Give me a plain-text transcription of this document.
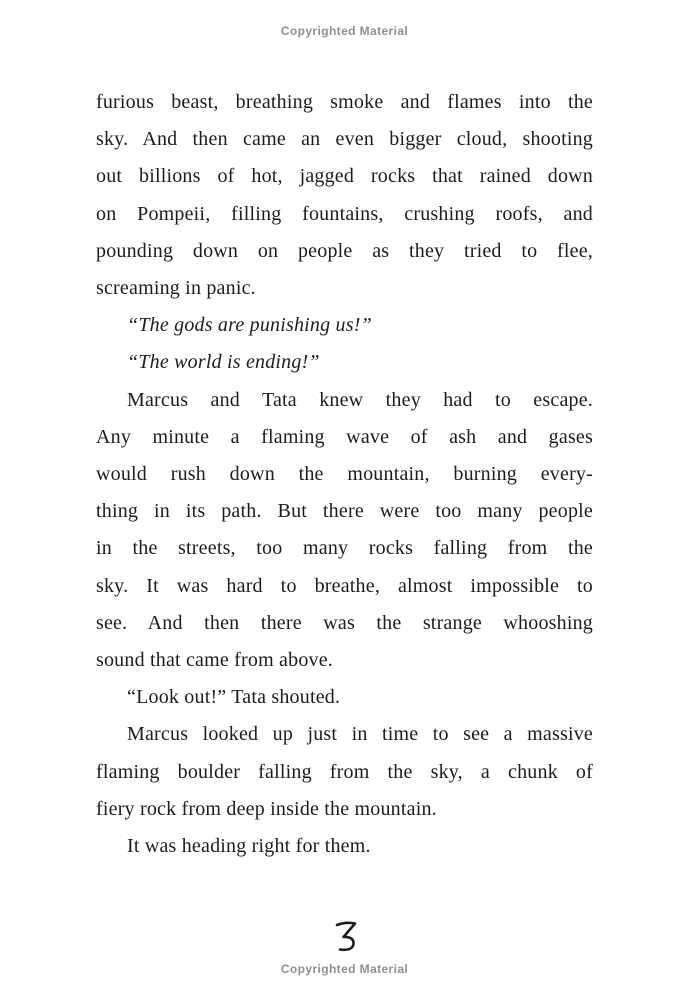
Copyrighted Material
furious beast, breathing smoke and flames into the
sky. And then came an even bigger cloud, shooting
out billions of hot, jagged rocks that rained down
on Pompeii, filling fountains, crushing roofs, and
pounding down on people as they tried to flee,
screaming in panic.
“The gods are punishing us!”
“The world is ending!”
Marcus and Tata knew they had to escape.
Any minute a flaming wave of ash and gases
would rush down the mountain, burning every-
thing in its path. But there were too many people
in the streets, too many rocks falling from the
sky. It was hard to breathe, almost impossible to
see. And then there was the strange whooshing
sound that came from above.
“Look out!” Tata shouted.
Marcus looked up just in time to see a massive
flaming boulder falling from the sky, a chunk of
fiery rock from deep inside the mountain.
It was heading right for them.
Copyrighted Material
